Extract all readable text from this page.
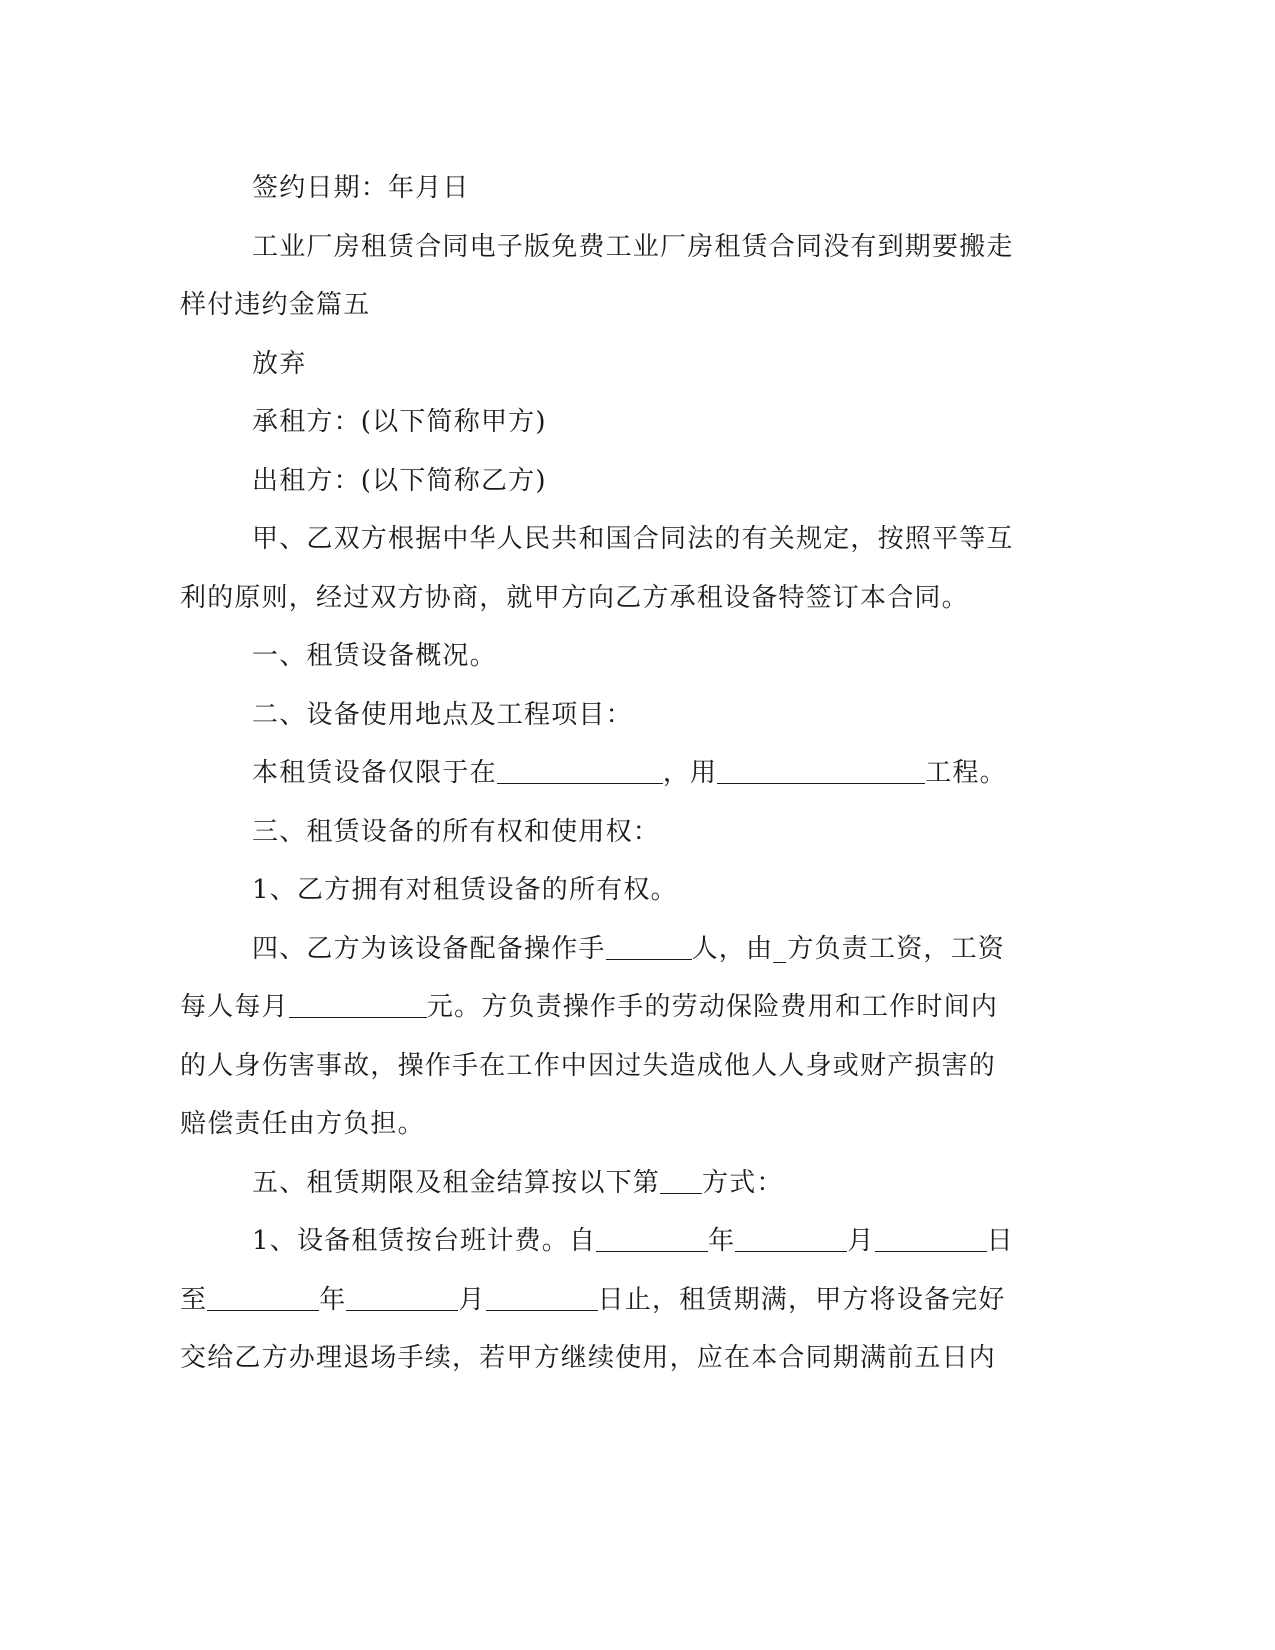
签约日期：年月日
工业厂房租赁合同电子版免费工业厂房租赁合同没有到期要搬走
样付违约金篇五
放弃
承租方：(以下简称甲方)
出租方：(以下简称乙方)
甲、乙双方根据中华人民共和国合同法的有关规定，按照平等互
利的原则，经过双方协商，就甲方向乙方承租设备特签订本合同。
一、租赁设备概况。
二、设备使用地点及工程项目：
本租赁设备仅限于在	，用	工程。
三、租赁设备的所有权和使用权：
1、乙方拥有对租赁设备的所有权。
四、乙方为该设备配备操作手	人，由_方负责工资，工资
每人每月	元。方负责操作手的劳动保险费用和工作时间内
的人身伤害事故，操作手在工作中因过失造成他人人身或财产损害的
赔偿责任由方负担。
五、租赁期限及租金结算按以下第 方式：
1、设备租赁按台班计费。自	年	月	日
至	年	月	日止，租赁期满，甲方将设备完好
交给乙方办理退场手续，若甲方继续使用，应在本合同期满前五日内
